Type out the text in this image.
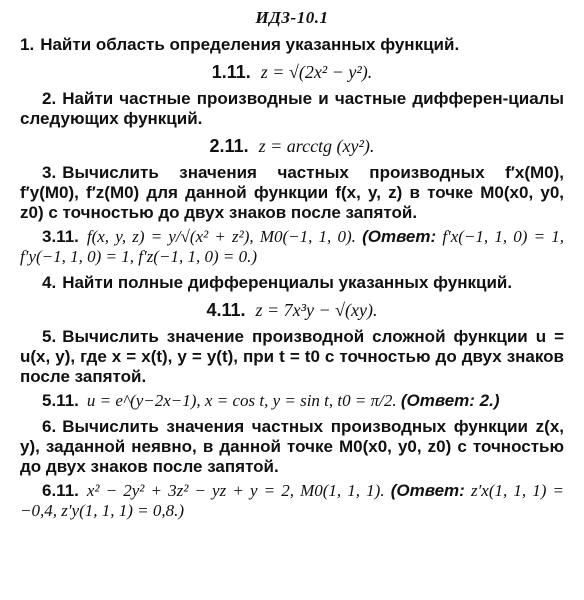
ИДЗ-10.1
1. Найти область определения указанных функций.
1.11. z = √(2x² − y²).
2. Найти частные производные и частные дифферен-циалы следующих функций.
2.11. z = arcctg (xy²).
3. Вычислить значения частных производных f′x(M0), f′y(M0), f′z(M0) для данной функции f(x, y, z) в точке M0(x0, y0, z0) с точностью до двух знаков после запятой.
3.11. f(x, y, z) = y/√(x² + z²), M0(−1, 1, 0). (Ответ: f′x(−1, 1, 0) = 1, f′y(−1, 1, 0) = 1, f′z(−1, 1, 0) = 0.)
4. Найти полные дифференциалы указанных функций.
4.11. z = 7x³y − √(xy).
5. Вычислить значение производной сложной функции u = u(x, y), где x = x(t), y = y(t), при t = t0 с точностью до двух знаков после запятой.
5.11. u = e^(y−2x−1), x = cos t, y = sin t, t0 = π/2. (Ответ: 2.)
6. Вычислить значения частных производных функции z(x, y), заданной неявно, в данной точке M0(x0, y0, z0) с точностью до двух знаков после запятой.
6.11. x² − 2y² + 3z² − yz + y = 2, M0(1, 1, 1). (Ответ: z′x(1, 1, 1) = −0,4, z′y(1, 1, 1) = 0,8.)
